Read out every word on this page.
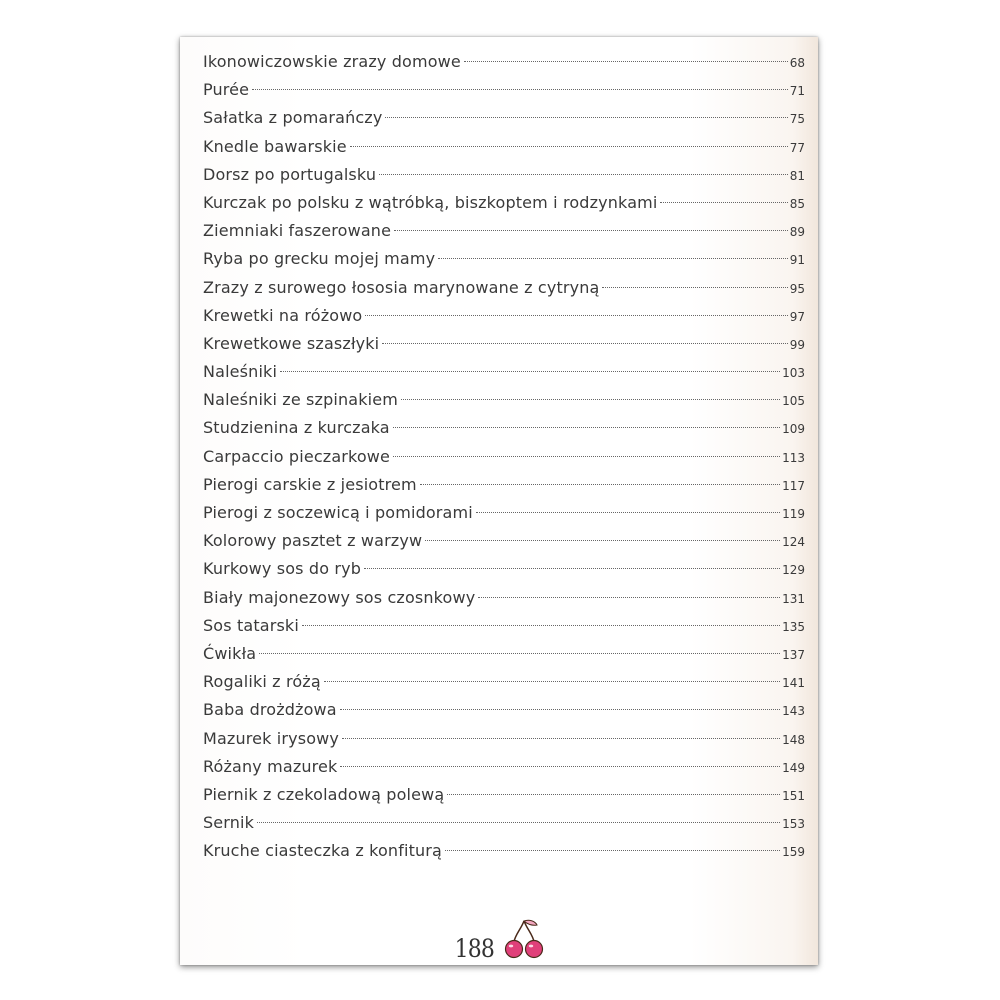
Ikonowiczowskie zrazy domowe	68
Purée	71
Sałatka z pomarańczy	75
Knedle bawarskie	77
Dorsz po portugalsku	81
Kurczak po polsku z wątróbką, biszkoptem i rodzynkami	85
Ziemniaki faszerowane	89
Ryba po grecku mojej mamy	91
Zrazy z surowego łososia marynowane z cytryną	95
Krewetki na różowo	97
Krewetkowe szaszłyki	99
Naleśniki	103
Naleśniki ze szpinakiem	105
Studzienina z kurczaka	109
Carpaccio pieczarkowe	113
Pierogi carskie z jesiotrem	117
Pierogi z soczewicą i pomidorami	119
Kolorowy pasztet z warzyw	124
Kurkowy sos do ryb	129
Biały majonezowy sos czosnkowy	131
Sos tatarski	135
Ćwikła	137
Rogaliki z różą	141
Baba drożdżowa	143
Mazurek irysowy	148
Różany mazurek	149
Piernik z czekoladową polewą	151
Sernik	153
Kruche ciasteczka z konfiturą	159
188
